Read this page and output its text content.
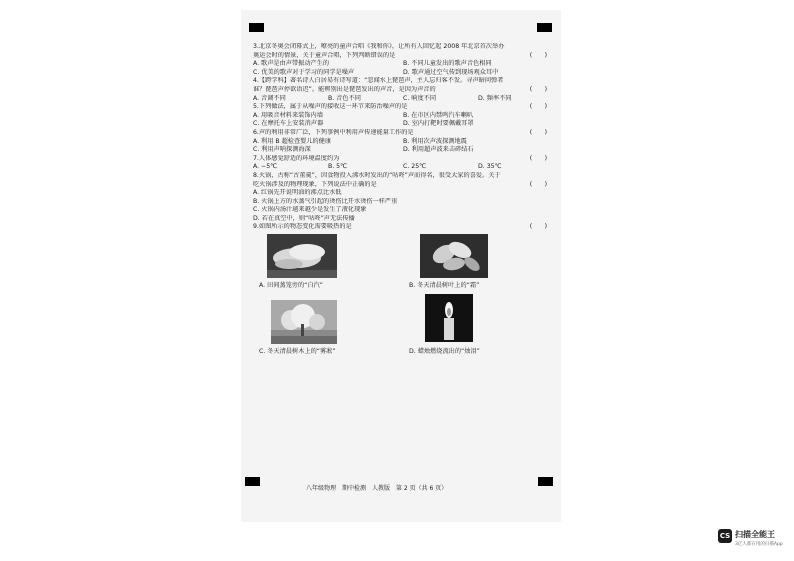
3.北京冬奥会闭幕式上，嘹亮的童声合唱《我和你》，让所有人回忆起 2008 年北京首次举办

奥运会时的情景，关于童声合唱，下列判断错误的是	(　　)

A. 歌声是由声带振动产生的	B. 不同儿童发出的歌声音色相同
C. 优美的歌声对于学习的同学是噪声	D. 歌声通过空气传到现场观众耳中

4.【跨学科】著名诗人白居易有诗写道：“忽闻水上琵琶声，主人忘归客不发。寻声暗问弹者

谁？琵琶声停欲语迟”。能辨别出是琵琶发出的声音，是因为声音的	(　　)

A. 音调不同	B. 音色不同	C. 响度不同	D. 频率不同

5.下列做法，属于从噪声的接收这一环节来防治噪声的是	(　　)

A. 用吸音材料来装饰内墙	B. 在市区内禁鸣汽车喇叭
C. 在摩托车上安装消声器	D. 室内打靶时要佩戴耳罩

6.声的利用非常广泛，下列事例中利用声传递能量工作的是	(　　)

A. 利用 B 超检查婴儿的健康	B. 利用次声波探测地震
C. 利用声呐探测海深	D. 利用超声波来击碎结石

7.人体感觉舒适的环境温度约为	(　　)

A. −5℃	B. 5℃	C. 25℃	D. 35℃

8.火锅，古称“古董羹”，因食物投入沸水时发出的“咕咚”声而得名，很受大家的喜爱。关于

吃火锅涉及的物理现象，下列说法中正确的是	(　　)

A. 红锅先开说明油的沸点比水低

B. 火锅上方的水蒸气引起的烫伤比开水烫伤一样严重

C. 火锅内汤汁越来越少是发生了液化现象

D. 若在真空中，则“咕咚”声无法传播

9.如图所示的物态变化需要吸热的是	(　　)

A. 田间蒸笼旁的“白汽”	B. 冬天清晨树叶上的“霜”
C. 冬天清晨树木上的“雾凇”	D. 蜡烛燃烧流出的“烛泪”
八年级物理　期中检测　人教版　第 2 页（共 6 页）
CS 扫描全能王
3亿人都在用的扫描App
